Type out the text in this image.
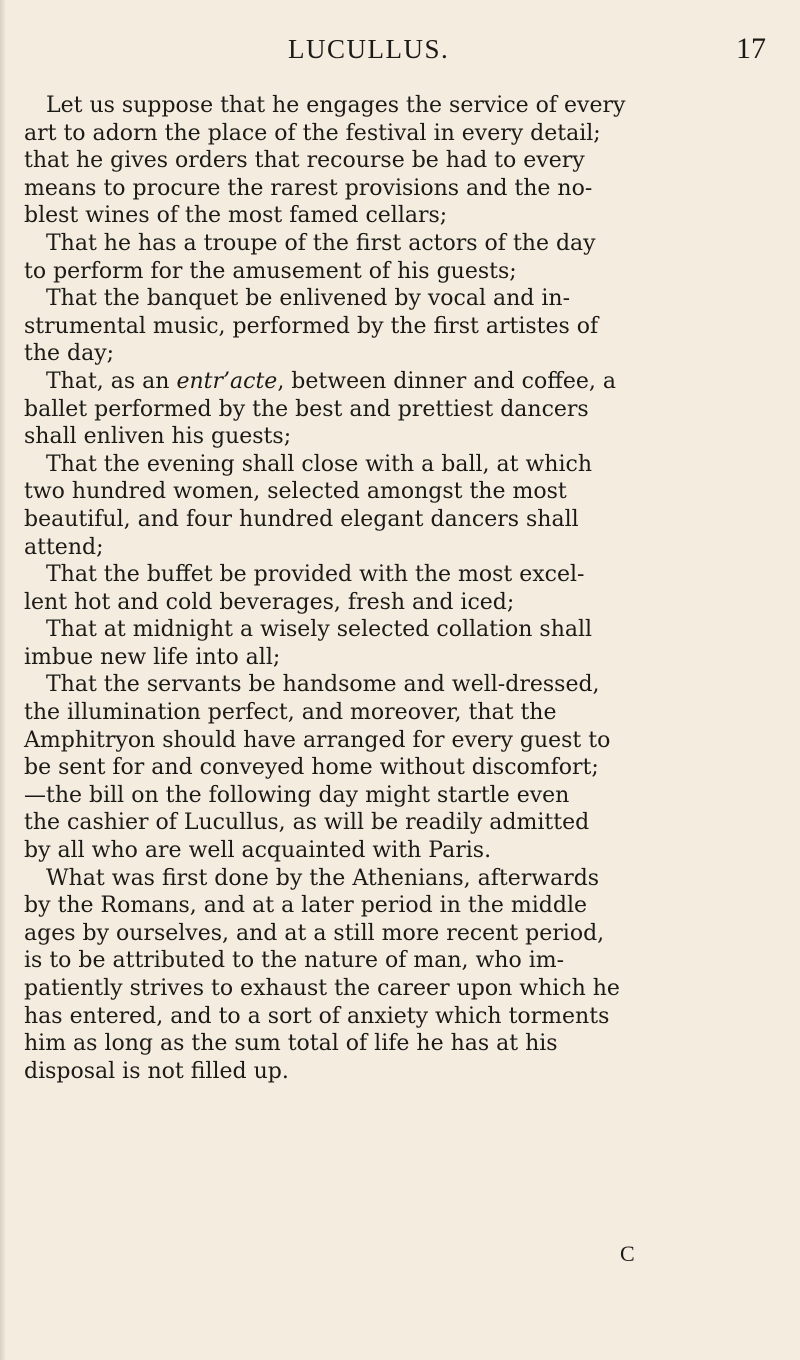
LUCULLUS.	17
Let us suppose that he engages the service of every
art to adorn the place of the festival in every detail;
that he gives orders that recourse be had to every
means to procure the rarest provisions and the no-
blest wines of the most famed cellars;
That he has a troupe of the first actors of the day
to perform for the amusement of his guests;
That the banquet be enlivened by vocal and in-
strumental music, performed by the first artistes of
the day;
That, as an entr’acte, between dinner and coffee, a
ballet performed by the best and prettiest dancers
shall enliven his guests;
That the evening shall close with a ball, at which
two hundred women, selected amongst the most
beautiful, and four hundred elegant dancers shall
attend;
That the buffet be provided with the most excel-
lent hot and cold beverages, fresh and iced;
That at midnight a wisely selected collation shall
imbue new life into all;
That the servants be handsome and well-dressed,
the illumination perfect, and moreover, that the
Amphitryon should have arranged for every guest to
be sent for and conveyed home without discomfort;
—the bill on the following day might startle even
the cashier of Lucullus, as will be readily admitted
by all who are well acquainted with Paris.
What was first done by the Athenians, afterwards
by the Romans, and at a later period in the middle
ages by ourselves, and at a still more recent period,
is to be attributed to the nature of man, who im-
patiently strives to exhaust the career upon which he
has entered, and to a sort of anxiety which torments
him as long as the sum total of life he has at his
disposal is not filled up.
C
